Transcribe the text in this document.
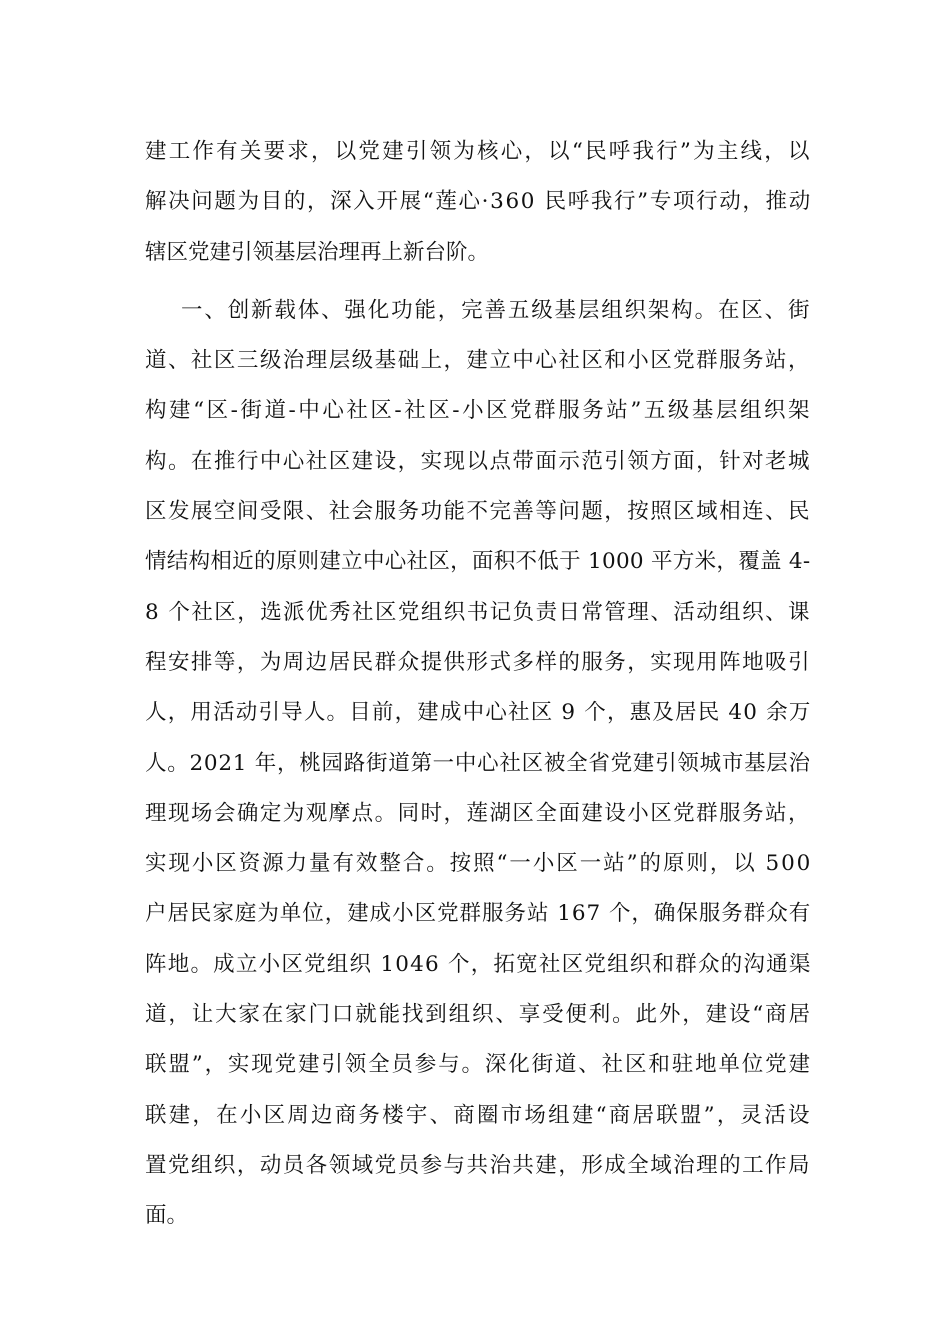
建工作有关要求，以党建引领为核心，以“民呼我行”为主线，以
解决问题为目的，深入开展“莲心·360 民呼我行”专项行动，推动
辖区党建引领基层治理再上新台阶。
一、创新载体、强化功能，完善五级基层组织架构。在区、街
道、社区三级治理层级基础上，建立中心社区和小区党群服务站，
构建“区-街道-中心社区-社区-小区党群服务站”五级基层组织架
构。在推行中心社区建设，实现以点带面示范引领方面，针对老城
区发展空间受限、社会服务功能不完善等问题，按照区域相连、民
情结构相近的原则建立中心社区，面积不低于 1000 平方米，覆盖 4-
8 个社区，选派优秀社区党组织书记负责日常管理、活动组织、课
程安排等，为周边居民群众提供形式多样的服务，实现用阵地吸引
人，用活动引导人。目前，建成中心社区 9 个，惠及居民 40 余万
人。2021 年，桃园路街道第一中心社区被全省党建引领城市基层治
理现场会确定为观摩点。同时，莲湖区全面建设小区党群服务站，
实现小区资源力量有效整合。按照“一小区一站”的原则，以 500
户居民家庭为单位，建成小区党群服务站 167 个，确保服务群众有
阵地。成立小区党组织 1046 个，拓宽社区党组织和群众的沟通渠
道，让大家在家门口就能找到组织、享受便利。此外，建设“商居
联盟”，实现党建引领全员参与。深化街道、社区和驻地单位党建
联建，在小区周边商务楼宇、商圈市场组建“商居联盟”，灵活设
置党组织，动员各领域党员参与共治共建，形成全域治理的工作局
面。
